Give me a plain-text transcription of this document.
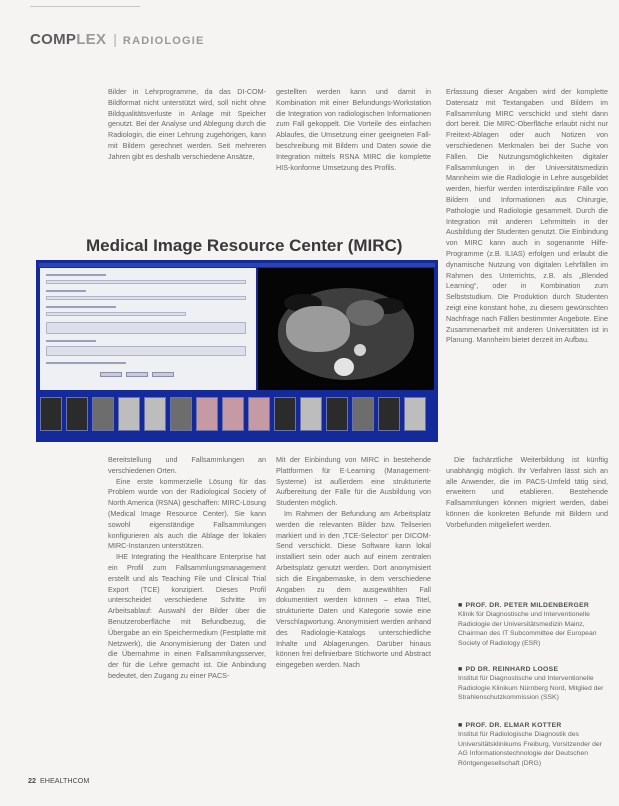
COMP LEX | RADIOLOGIE

Bilder in Lehrprogramme, da das DI-COM-Bildformat nicht unterstützt wird, soll nicht ohne Bildqualitätsverluste in Anlage mit Speicher genutzt. Bei der Analyse und Ablegung durch die Radiologin, die einer Lehrung zugehörigen, kann mit Bildern gerechnet werden. Seit mehreren Jahren gibt es deshalb verschiedene Ansätze,

gestellten werden kann und damit in Kombination mit einer Befundungs-Workstation die Integration von radiologischen Informationen zum Fall gekoppelt. Die Vorteile des einfachen Ablaufes, die Umsetzung einer geeigneten Fall-beschreibung mit Bildern und Daten sowie die Integration mittels RSNA MIRC die komplette HIS-konforme Umsetzung des Profils.

Erfassung dieser Angaben wird der komplette Datensatz mit Textangaben und Bildern im Fallsammlung MIRC verschickt und steht dann dort bereit. Die MIRC-Oberfläche erlaubt nicht nur Freitext-Ablagen oder auch Notizen von verschiedenen Merkmalen bei der Suche von Fällen. Die Nutzungsmöglichkeiten digitaler Fallsammlungen in der Universitätsmedizin Mannheim wie die Radiologie in Lehre ausgebildet werden, hierfür werden interdisziplinäre Fälle von Bildern und Informationen aus Chirurgie, Pathologie und Radiologie gesammelt. Durch die Integration mit anderen Lehrmitteln in der Ausbildung der Studenten genutzt. Die Einbindung von MIRC kann auch in sogenannte Hilfe-Programme (z.B. ILIAS) erfolgen und erlaubt die dynamische Nutzung von digitalen Lehrfällen im Rahmen des Unterrichts, z.B. als „Blended Learning“, oder in Kombination zum Selbststudium. Die Produktion durch Studenten zeigt eine konstant hohe, zu diesem gewünschten Nachfrage nach Fällen bestimmter Angebote. Eine Zusammenarbeit mit anderen Universitäten ist in Planung. Mannheim bietet derzeit im Aufbau.

Medical Image Resource Center (MIRC)

Bereitstellung und Fallsammlungen an verschiedenen Orten.

Eine erste kommerzielle Lösung für das Problem wurde von der Radiological Society of North America (RSNA) geschaffen: MIRC-Lösung (Medical Image Resource Center). Sie kann sowohl eigenständige Fallsammlungen konfigurieren als auch die Ablage der lokalen MIRC-Instanzen unterstützen.

IHE Integrating the Healthcare Enterprise hat ein Profil zum Fallsammlungsmanagement erstellt und als Teaching File und Clinical Trial Export (TCE) konzipiert. Dieses Profil unterscheidet verschiedene Schritte im Arbeitsablauf: Auswahl der Bilder über die Benutzeroberfläche mit Befundbezug, die Übergabe an ein Speichermedium (Festplatte mit Netzwerk), die Anonymisierung der Daten und die Übernahme in einen Fallsammlungsserver, der für die Lehre gemacht ist. Die Anbindung bedeutet, den Zugang zu einer PACS-

Mit der Einbindung von MIRC in bestehende Plattformen für E-Learning (Management-Systeme) ist außerdem eine strukturierte Aufbereitung der Fälle für die Ausbildung von Studenten möglich.

Im Rahmen der Befundung am Arbeitsplatz werden die relevanten Bilder bzw. Teilserien markiert und in den ‚TCE-Selector‘ per DICOM-Send verschickt. Diese Software kann lokal installiert sein oder auch auf einem zentralen Arbeitsplatz genutzt werden. Dort anonymisiert sich die Eingabemaske, in dem verschiedene Angaben zu dem ausgewählten Fall dokumentiert werden können – etwa Titel, strukturierte Daten und Kategorie sowie eine Verschlagwortung. Anonymisiert werden anhand des Radiologie-Katalogs unterschiedliche Inhalte und Ablagerungen. Darüber hinaus können frei definierbare Stichworte und Abstract eingegeben werden. Nach

Die fachärztliche Weiterbildung ist künftig unabhängig möglich. Ihr Verfahren lässt sich an alle Anwender, die im PACS-Umfeld tätig sind, erweitern und etablieren. Bestehende Fallsammlungen können migriert werden, dabei können die konkreten Befunde mit Bildern und Vorbefunden mitgeliefert werden.

■ PROF. DR. PETER MILDENBERGER
Klinik für Diagnostische und Interventionelle Radiologie der Universitätsmedizin Mainz, Chairman des IT Subcommittee der European Society of Radiology (ESR)
■ PD DR. REINHARD LOOSE
Institut für Diagnostische und Interventionelle Radiologie Klinikum Nürnberg Nord, Mitglied der Strahlenschutzkommission (SSK)
■ PROF. DR. ELMAR KOTTER
Institut für Radiologische Diagnostik des Universitätsklinikums Freiburg, Vorsitzender der AG Informationstechnologie der Deutschen Röntgengesellschaft (DRG)
22 EHEALTHCOM
